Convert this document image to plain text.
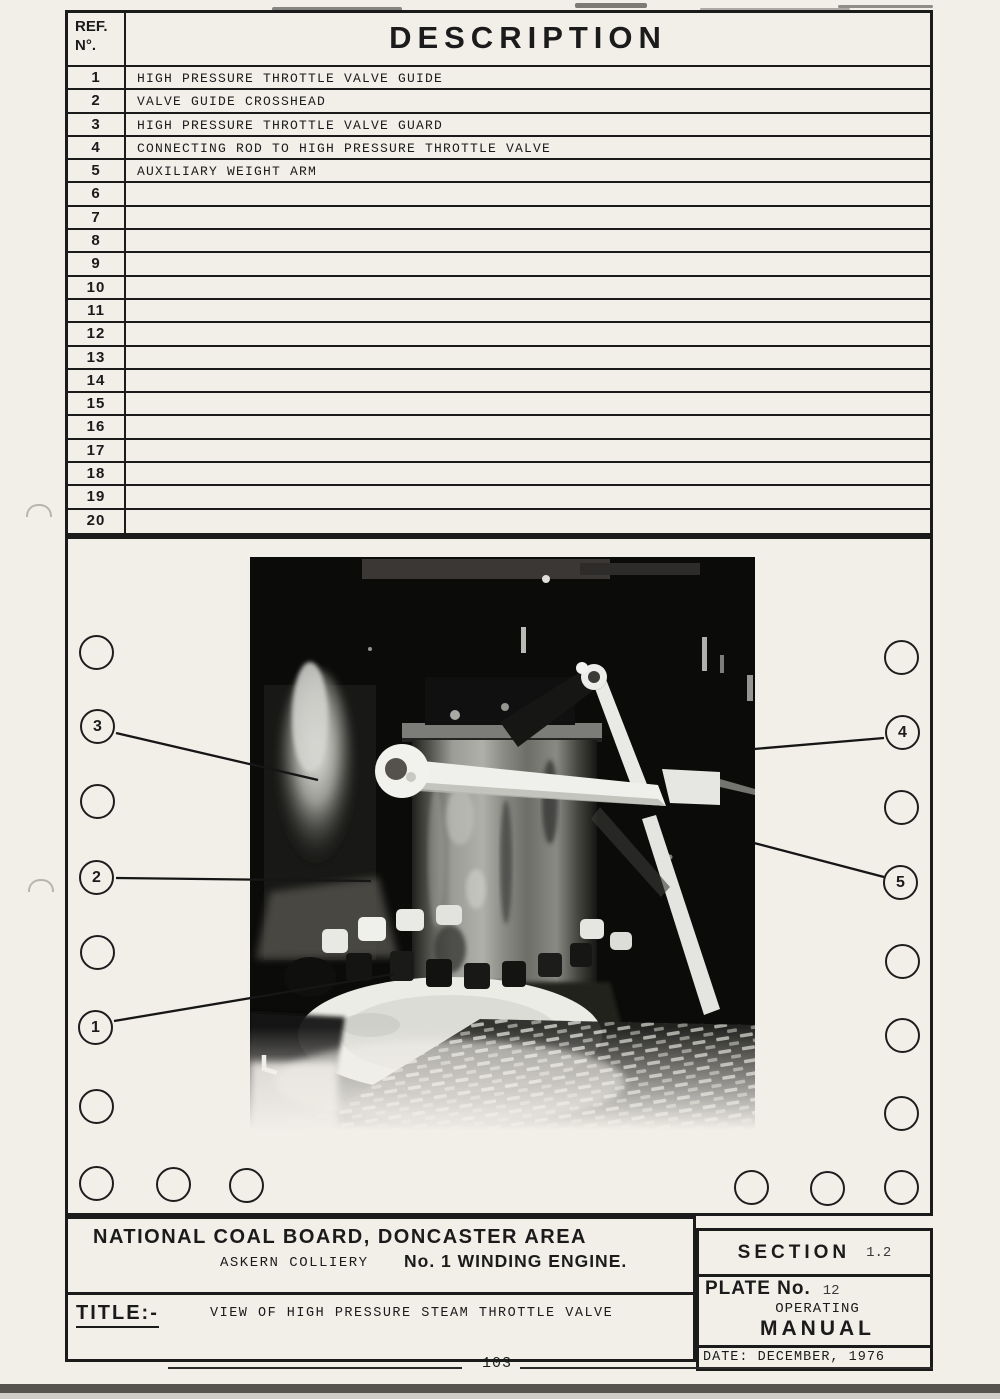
REF.
N°.	DESCRIPTION
1	HIGH PRESSURE THROTTLE VALVE GUIDE
2	VALVE GUIDE CROSSHEAD
3	HIGH PRESSURE THROTTLE VALVE GUARD
4	CONNECTING ROD TO HIGH PRESSURE THROTTLE VALVE
5	AUXILIARY WEIGHT ARM
6
7
8
9
10
11
12
13
14
15
16
17
18
19
20
3
2
1
4
5
NATIONAL COAL BOARD, DONCASTER AREA
ASKERN COLLIERY No. 1 WINDING ENGINE.
TITLE:-	VIEW OF HIGH PRESSURE STEAM THROTTLE VALVE
SECTION 1.2
PLATE No. 12
OPERATING
MANUAL
DATE: DECEMBER, 1976
103
